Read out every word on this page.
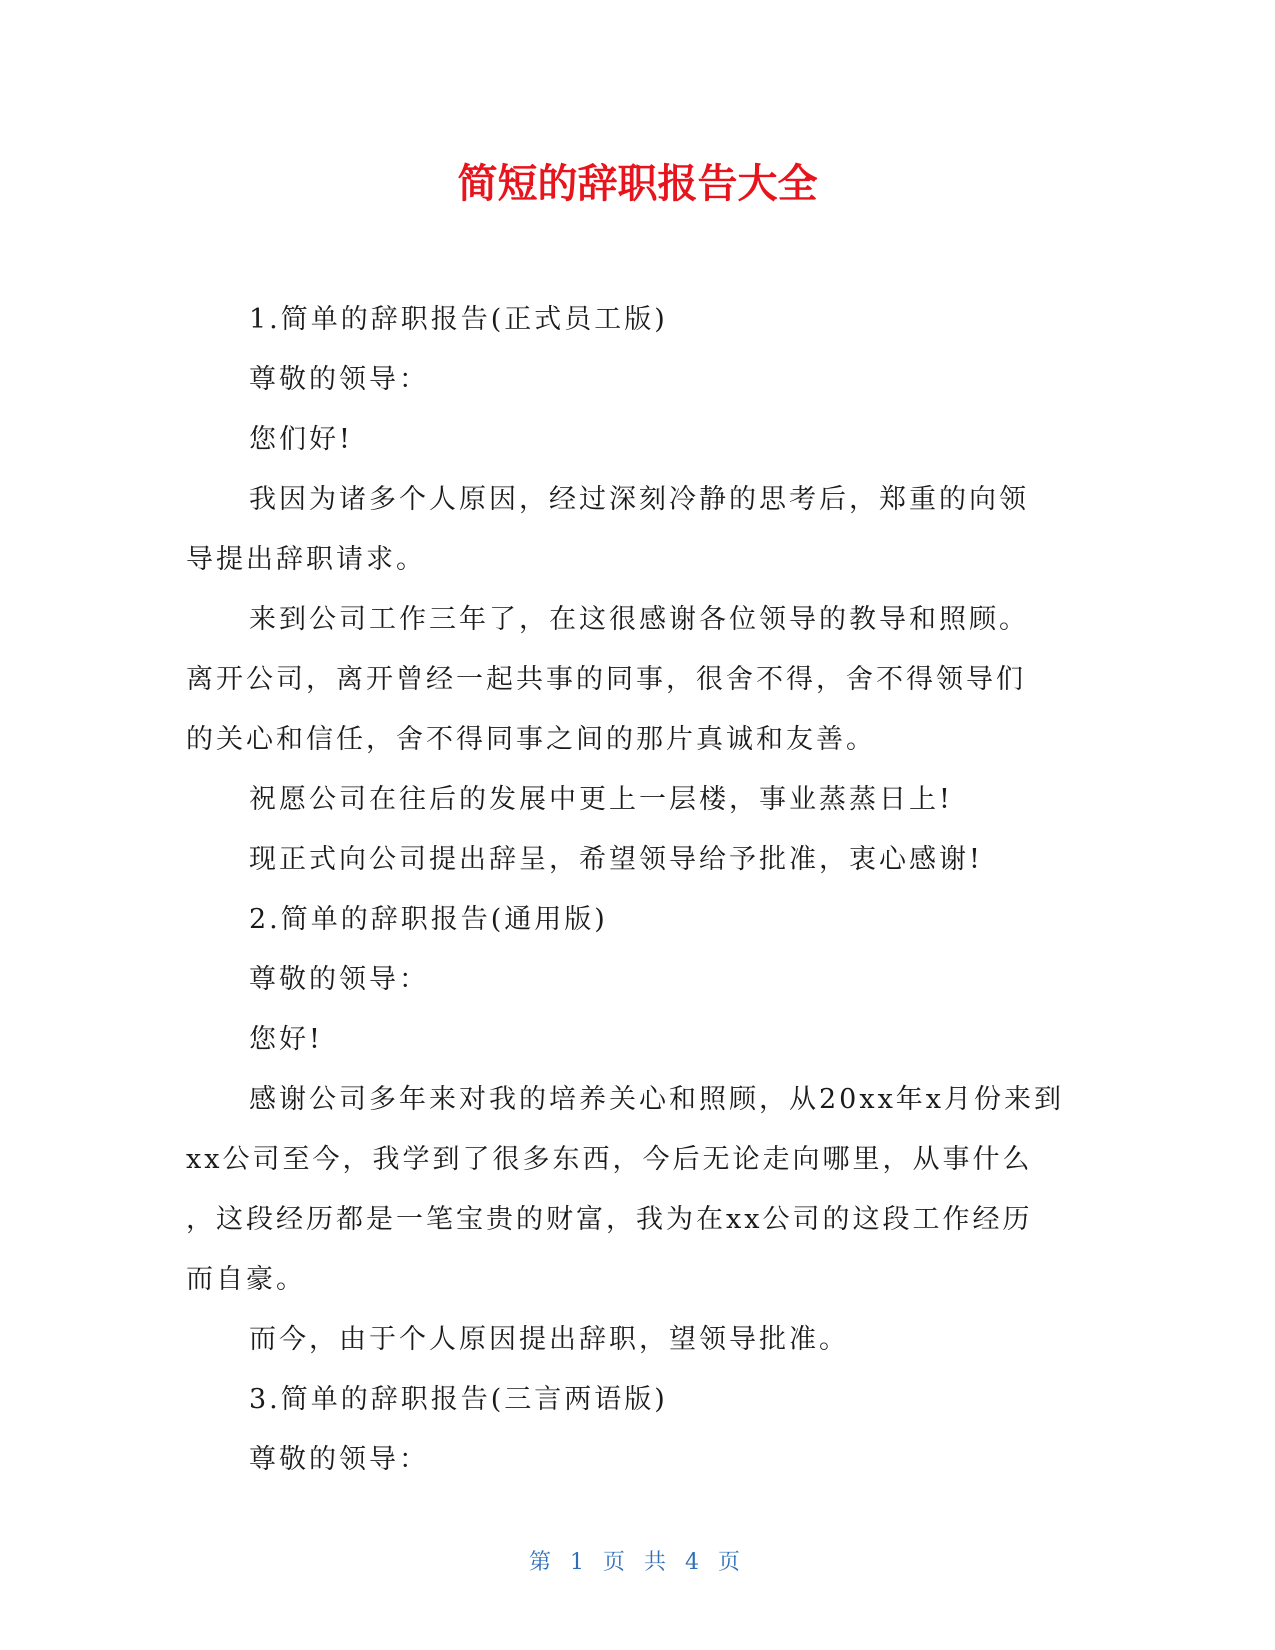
简短的辞职报告大全

1.简单的辞职报告(正式员工版)

尊敬的领导：

您们好!

我因为诸多个人原因，经过深刻冷静的思考后，郑重的向领
导提出辞职请求。

来到公司工作三年了，在这很感谢各位领导的教导和照顾。
离开公司，离开曾经一起共事的同事，很舍不得，舍不得领导们
的关心和信任，舍不得同事之间的那片真诚和友善。

祝愿公司在往后的发展中更上一层楼，事业蒸蒸日上!

现正式向公司提出辞呈，希望领导给予批准，衷心感谢!

2.简单的辞职报告(通用版)

尊敬的领导：

您好!

感谢公司多年来对我的培养关心和照顾，从20xx年x月份来到
xx公司至今，我学到了很多东西，今后无论走向哪里，从事什么
，这段经历都是一笔宝贵的财富，我为在xx公司的这段工作经历
而自豪。

而今，由于个人原因提出辞职，望领导批准。

3.简单的辞职报告(三言两语版)

尊敬的领导：

第 1 页 共 4 页
